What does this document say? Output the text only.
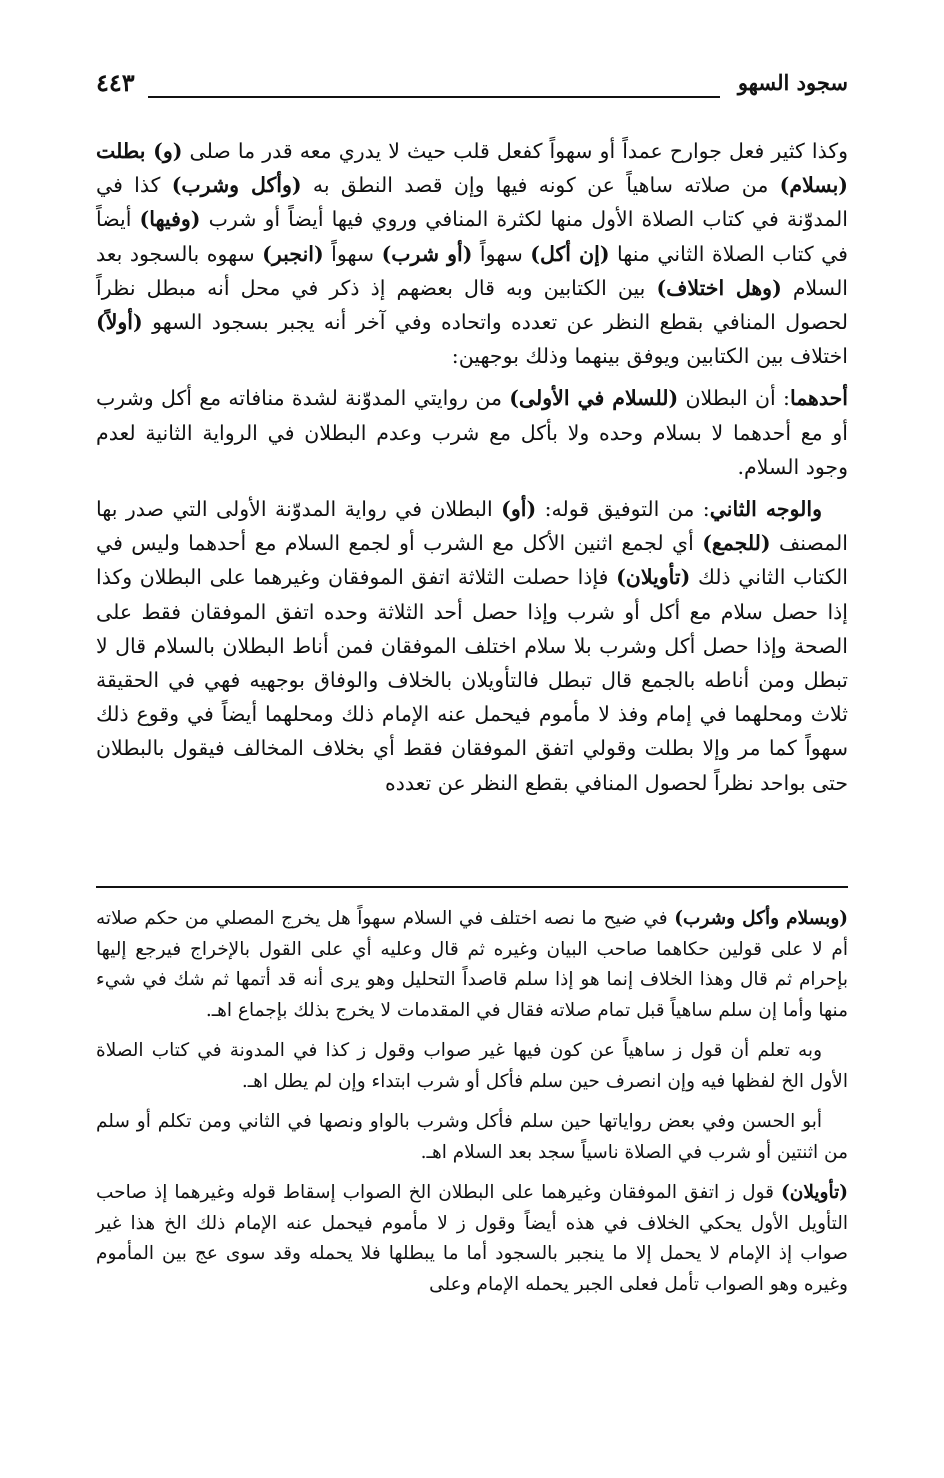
سجود السهو
٤٤٣

وكذا كثير فعل جوارح عمداً أو سهواً كفعل قلب حيث لا يدري معه قدر ما صلى (و) بطلت (بسلام) من صلاته ساهياً عن كونه فيها وإن قصد النطق به (وأكل وشرب) كذا في المدوّنة في كتاب الصلاة الأول منها لكثرة المنافي وروي فيها أيضاً أو شرب (وفيها) أيضاً في كتاب الصلاة الثاني منها (إن أكل) سهواً (أو شرب) سهواً (انجبر) سهوه بالسجود بعد السلام (وهل اختلاف) بين الكتابين وبه قال بعضهم إذ ذكر في محل أنه مبطل نظراً لحصول المنافي بقطع النظر عن تعدده واتحاده وفي آخر أنه يجبر بسجود السهو (أولاً) اختلاف بين الكتابين ويوفق بينهما وذلك بوجهين:

أحدهما: أن البطلان (للسلام في الأولى) من روايتي المدوّنة لشدة منافاته مع أكل وشرب أو مع أحدهما لا بسلام وحده ولا بأكل مع شرب وعدم البطلان في الرواية الثانية لعدم وجود السلام.

والوجه الثاني: من التوفيق قوله: (أو) البطلان في رواية المدوّنة الأولى التي صدر بها المصنف (للجمع) أي لجمع اثنين الأكل مع الشرب أو لجمع السلام مع أحدهما وليس في الكتاب الثاني ذلك (تأويلان) فإذا حصلت الثلاثة اتفق الموفقان وغيرهما على البطلان وكذا إذا حصل سلام مع أكل أو شرب وإذا حصل أحد الثلاثة وحده اتفق الموفقان فقط على الصحة وإذا حصل أكل وشرب بلا سلام اختلف الموفقان فمن أناط البطلان بالسلام قال لا تبطل ومن أناطه بالجمع قال تبطل فالتأويلان بالخلاف والوفاق بوجهيه فهي في الحقيقة ثلاث ومحلهما في إمام وفذ لا مأموم فيحمل عنه الإمام ذلك ومحلهما أيضاً في وقوع ذلك سهواً كما مر وإلا بطلت وقولي اتفق الموفقان فقط أي بخلاف المخالف فيقول بالبطلان حتى بواحد نظراً لحصول المنافي بقطع النظر عن تعدده

(وبسلام وأكل وشرب) في ضيح ما نصه اختلف في السلام سهواً هل يخرج المصلي من حكم صلاته أم لا على قولين حكاهما صاحب البيان وغيره ثم قال وعليه أي على القول بالإخراج فيرجع إليها بإحرام ثم قال وهذا الخلاف إنما هو إذا سلم قاصداً التحليل وهو يرى أنه قد أتمها ثم شك في شيء منها وأما إن سلم ساهياً قبل تمام صلاته فقال في المقدمات لا يخرج بذلك بإجماع اهـ.

وبه تعلم أن قول ز ساهياً عن كون فيها غير صواب وقول ز كذا في المدونة في كتاب الصلاة الأول الخ لفظها فيه وإن انصرف حين سلم فأكل أو شرب ابتداء وإن لم يطل اهـ.

أبو الحسن وفي بعض رواياتها حين سلم فأكل وشرب بالواو ونصها في الثاني ومن تكلم أو سلم من اثنتين أو شرب في الصلاة ناسياً سجد بعد السلام اهـ.

(تأويلان) قول ز اتفق الموفقان وغيرهما على البطلان الخ الصواب إسقاط قوله وغيرهما إذ صاحب التأويل الأول يحكي الخلاف في هذه أيضاً وقول ز لا مأموم فيحمل عنه الإمام ذلك الخ هذا غير صواب إذ الإمام لا يحمل إلا ما ينجبر بالسجود أما ما يبطلها فلا يحمله وقد سوى عج بين المأموم وغيره وهو الصواب تأمل فعلى الجبر يحمله الإمام وعلى
